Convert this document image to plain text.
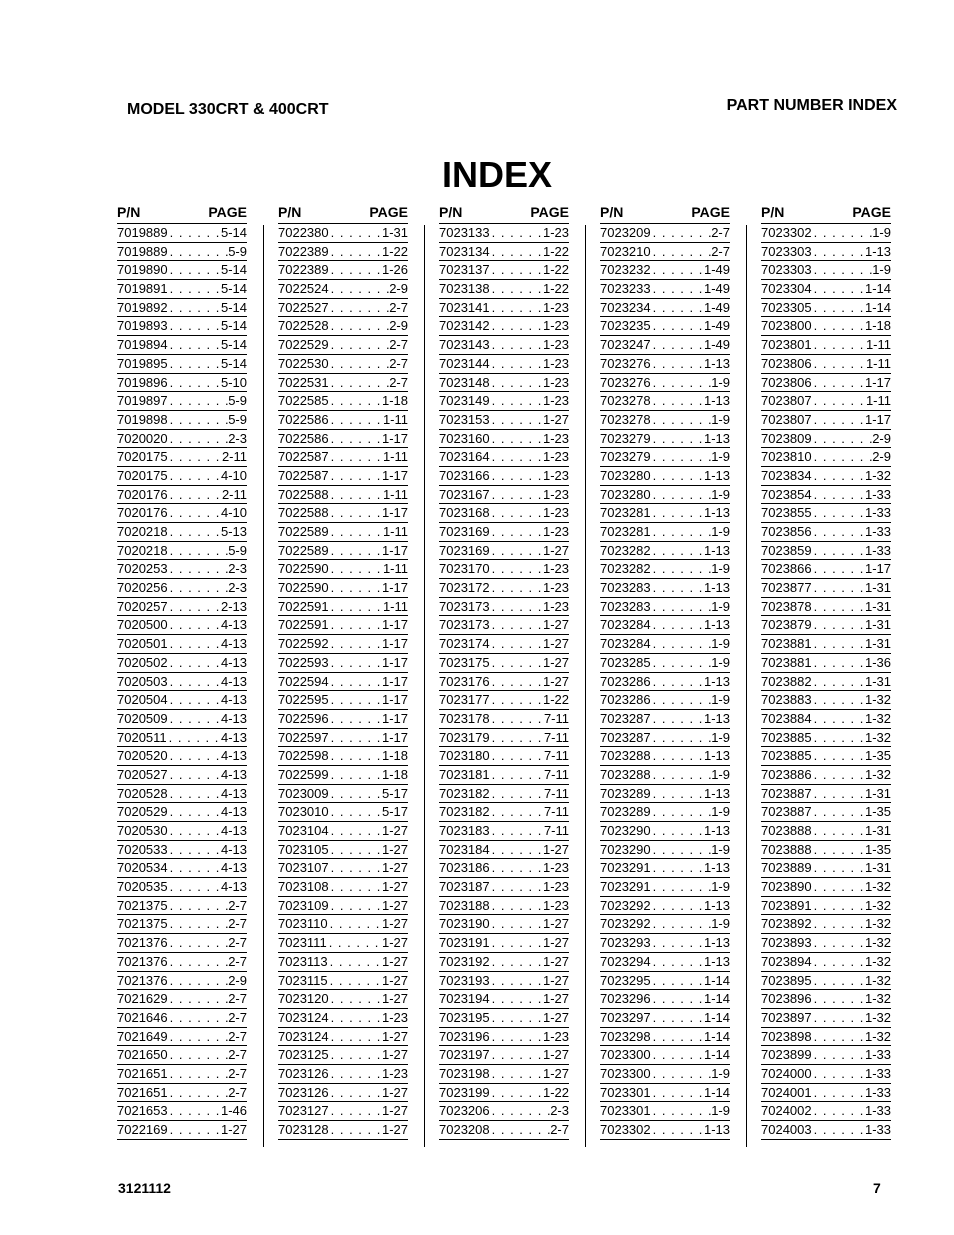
MODEL 330CRT & 400CRT	PART NUMBER INDEX
INDEX
P/N	PAGE
7019889 . . .	5-14
7019889 . . .	5-9
7019890 . . .	5-14
7019891 . . .	5-14
7019892 . . .	5-14
7019893 . . .	5-14
7019894 . . .	5-14
7019895 . . .	5-14
7019896 . . .	5-10
7019897 . . .	5-9
7019898 . . .	5-9
7020020 . . .	2-3
7020175 . . .	2-11
7020175 . . .	4-10
7020176 . . .	2-11
7020176 . . .	4-10
7020218 . . .	5-13
7020218 . . .	5-9
7020253 . . .	2-3
7020256 . . .	2-3
7020257 . . .	2-13
7020500 . . .	4-13
7020501 . . .	4-13
7020502 . . .	4-13
7020503 . . .	4-13
7020504 . . .	4-13
7020509 . . .	4-13
7020511 . . .	4-13
7020520 . . .	4-13
7020527 . . .	4-13
7020528 . . .	4-13
7020529 . . .	4-13
7020530 . . .	4-13
7020533 . . .	4-13
7020534 . . .	4-13
7020535 . . .	4-13
7021375 . . .	2-7
7021375 . . .	2-7
7021376 . . .	2-7
7021376 . . .	2-7
7021376 . . .	2-9
7021629 . . .	2-7
7021646 . . .	2-7
7021649 . . .	2-7
7021650 . . .	2-7
7021651 . . .	2-7
7021651 . . .	2-7
7021653 . . .	1-46
7022169 . . .	1-27
P/N	PAGE
7022380 . . .	1-31
7022389 . . .	1-22
7022389 . . .	1-26
7022524 . . .	2-9
7022527 . . .	2-7
7022528 . . .	2-9
7022529 . . .	2-7
7022530 . . .	2-7
7022531 . . .	2-7
7022585 . . .	1-18
7022586 . . .	1-11
7022586 . . .	1-17
7022587 . . .	1-11
7022587 . . .	1-17
7022588 . . .	1-11
7022588 . . .	1-17
7022589 . . .	1-11
7022589 . . .	1-17
7022590 . . .	1-11
7022590 . . .	1-17
7022591 . . .	1-11
7022591 . . .	1-17
7022592 . . .	1-17
7022593 . . .	1-17
7022594 . . .	1-17
7022595 . . .	1-17
7022596 . . .	1-17
7022597 . . .	1-17
7022598 . . .	1-18
7022599 . . .	1-18
7023009 . . .	5-17
7023010 . . .	5-17
7023104 . . .	1-27
7023105 . . .	1-27
7023107 . . .	1-27
7023108 . . .	1-27
7023109 . . .	1-27
7023110 . . .	1-27
7023111 . . .	1-27
7023113 . . .	1-27
7023115 . . .	1-27
7023120 . . .	1-27
7023124 . . .	1-23
7023124 . . .	1-27
7023125 . . .	1-27
7023126 . . .	1-23
7023126 . . .	1-27
7023127 . . .	1-27
7023128 . . .	1-27
P/N	PAGE
7023133 . . .	1-23
7023134 . . .	1-22
7023137 . . .	1-22
7023138 . . .	1-22
7023141 . . .	1-23
7023142 . . .	1-23
7023143 . . .	1-23
7023144 . . .	1-23
7023148 . . .	1-23
7023149 . . .	1-23
7023153 . . .	1-27
7023160 . . .	1-23
7023164 . . .	1-23
7023166 . . .	1-23
7023167 . . .	1-23
7023168 . . .	1-23
7023169 . . .	1-23
7023169 . . .	1-27
7023170 . . .	1-23
7023172 . . .	1-23
7023173 . . .	1-23
7023173 . . .	1-27
7023174 . . .	1-27
7023175 . . .	1-27
7023176 . . .	1-27
7023177 . . .	1-22
7023178 . . .	7-11
7023179 . . .	7-11
7023180 . . .	7-11
7023181 . . .	7-11
7023182 . . .	7-11
7023182 . . .	7-11
7023183 . . .	7-11
7023184 . . .	1-27
7023186 . . .	1-23
7023187 . . .	1-23
7023188 . . .	1-23
7023190 . . .	1-27
7023191 . . .	1-27
7023192 . . .	1-27
7023193 . . .	1-27
7023194 . . .	1-27
7023195 . . .	1-27
7023196 . . .	1-23
7023197 . . .	1-27
7023198 . . .	1-27
7023199 . . .	1-22
7023206 . . .	2-3
7023208 . . .	2-7
P/N	PAGE
7023209 . . .	2-7
7023210 . . .	2-7
7023232 . . .	1-49
7023233 . . .	1-49
7023234 . . .	1-49
7023235 . . .	1-49
7023247 . . .	1-49
7023276 . . .	1-13
7023276 . . .	1-9
7023278 . . .	1-13
7023278 . . .	1-9
7023279 . . .	1-13
7023279 . . .	1-9
7023280 . . .	1-13
7023280 . . .	1-9
7023281 . . .	1-13
7023281 . . .	1-9
7023282 . . .	1-13
7023282 . . .	1-9
7023283 . . .	1-13
7023283 . . .	1-9
7023284 . . .	1-13
7023284 . . .	1-9
7023285 . . .	1-9
7023286 . . .	1-13
7023286 . . .	1-9
7023287 . . .	1-13
7023287 . . .	1-9
7023288 . . .	1-13
7023288 . . .	1-9
7023289 . . .	1-13
7023289 . . .	1-9
7023290 . . .	1-13
7023290 . . .	1-9
7023291 . . .	1-13
7023291 . . .	1-9
7023292 . . .	1-13
7023292 . . .	1-9
7023293 . . .	1-13
7023294 . . .	1-13
7023295 . . .	1-14
7023296 . . .	1-14
7023297 . . .	1-14
7023298 . . .	1-14
7023300 . . .	1-14
7023300 . . .	1-9
7023301 . . .	1-14
7023301 . . .	1-9
7023302 . . .	1-13
P/N	PAGE
7023302 . . .	1-9
7023303 . . .	1-13
7023303 . . .	1-9
7023304 . . .	1-14
7023305 . . .	1-14
7023800 . . .	1-18
7023801 . . .	1-11
7023806 . . .	1-11
7023806 . . .	1-17
7023807 . . .	1-11
7023807 . . .	1-17
7023809 . . .	2-9
7023810 . . .	2-9
7023834 . . .	1-32
7023854 . . .	1-33
7023855 . . .	1-33
7023856 . . .	1-33
7023859 . . .	1-33
7023866 . . .	1-17
7023877 . . .	1-31
7023878 . . .	1-31
7023879 . . .	1-31
7023881 . . .	1-31
7023881 . . .	1-36
7023882 . . .	1-31
7023883 . . .	1-32
7023884 . . .	1-32
7023885 . . .	1-32
7023885 . . .	1-35
7023886 . . .	1-32
7023887 . . .	1-31
7023887 . . .	1-35
7023888 . . .	1-31
7023888 . . .	1-35
7023889 . . .	1-31
7023890 . . .	1-32
7023891 . . .	1-32
7023892 . . .	1-32
7023893 . . .	1-32
7023894 . . .	1-32
7023895 . . .	1-32
7023896 . . .	1-32
7023897 . . .	1-32
7023898 . . .	1-32
7023899 . . .	1-33
7024000 . . .	1-33
7024001 . . .	1-33
7024002 . . .	1-33
7024003 . . .	1-33
3121112	7
